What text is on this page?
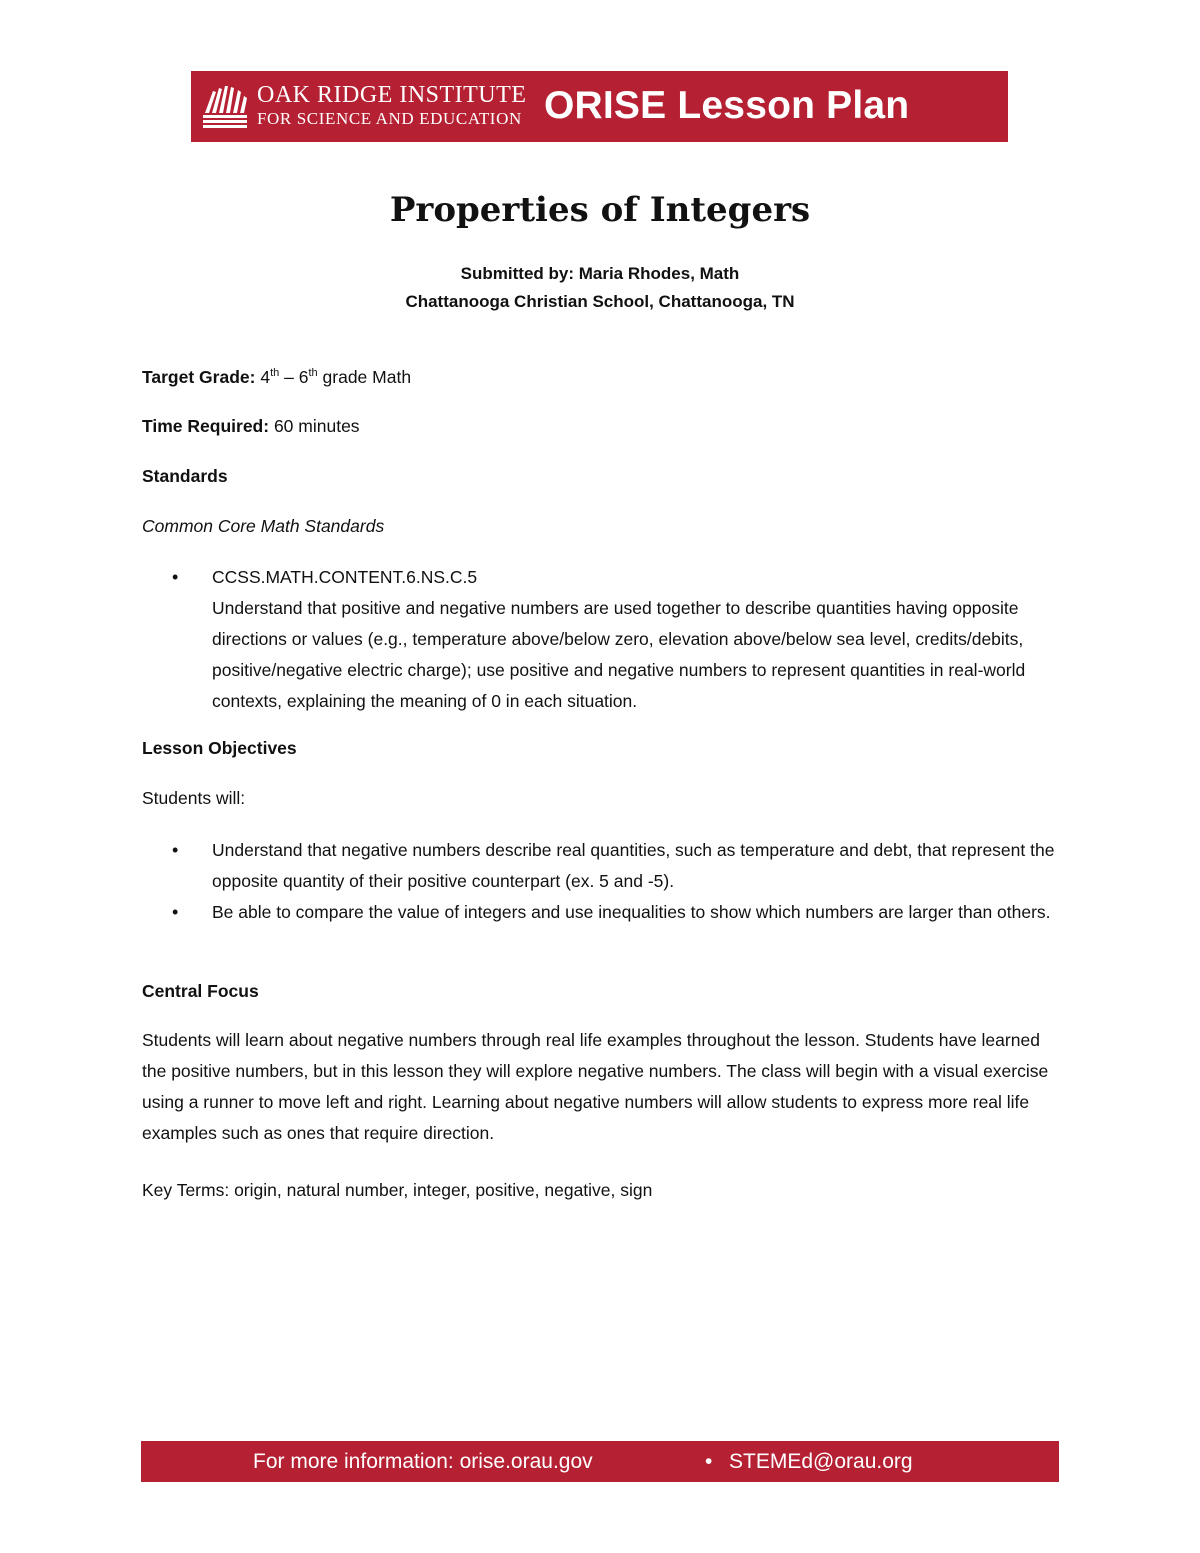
OAK RIDGE INSTITUTE
FOR SCIENCE AND EDUCATION ORISE Lesson Plan
Properties of Integers
Submitted by: Maria Rhodes, Math
Chattanooga Christian School, Chattanooga, TN
Target Grade: 4th – 6th grade Math
Time Required: 60 minutes
Standards
Common Core Math Standards
• CCSS.MATH.CONTENT.6.NS.C.5
Understand that positive and negative numbers are used together to describe quantities having opposite directions or values (e.g., temperature above/below zero, elevation above/below sea level, credits/debits, positive/negative electric charge); use positive and negative numbers to represent quantities in real-world contexts, explaining the meaning of 0 in each situation.
Lesson Objectives
Students will:
• Understand that negative numbers describe real quantities, such as temperature and debt, that represent the opposite quantity of their positive counterpart (ex. 5 and -5).
• Be able to compare the value of integers and use inequalities to show which numbers are larger than others.
Central Focus
Students will learn about negative numbers through real life examples throughout the lesson. Students have learned the positive numbers, but in this lesson they will explore negative numbers. The class will begin with a visual exercise using a runner to move left and right. Learning about negative numbers will allow students to express more real life examples such as ones that require direction.
Key Terms: origin, natural number, integer, positive, negative, sign
For more information: orise.orau.gov	• STEMEd@orau.org
